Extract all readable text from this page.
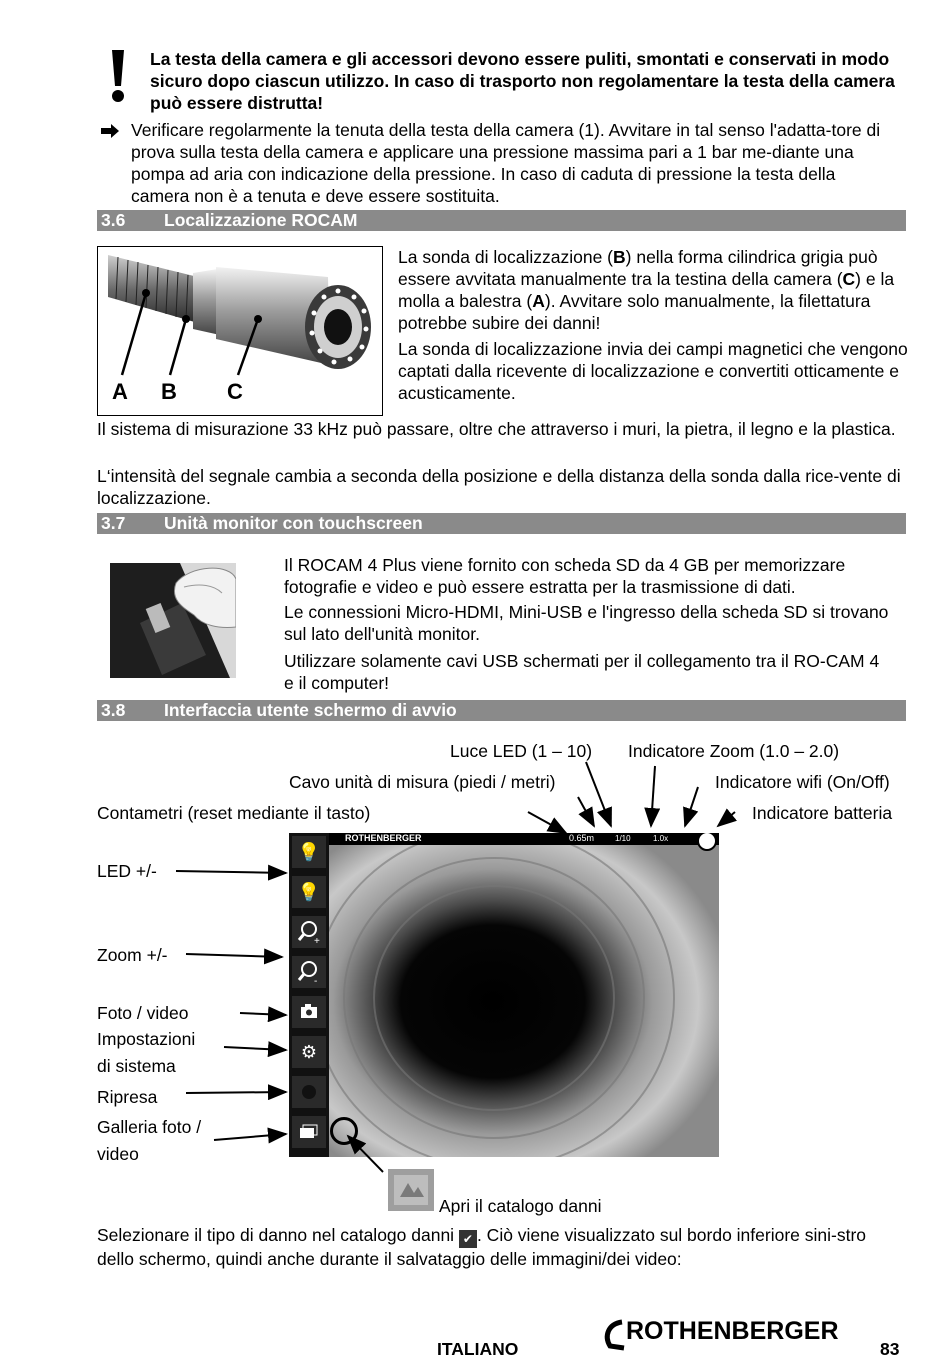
La testa della camera e gli accessori devono essere puliti, smontati e conservati in modo sicuro dopo ciascun utilizzo. In caso di trasporto non regolamentare la testa della camera può essere distrutta!
Verificare regolarmente la tenuta della testa della camera (1). Avvitare in tal senso l'adatta-tore di prova sulla testa della camera e applicare una pressione massima pari a 1 bar me-diante una pompa ad aria con indicazione della pressione. In caso di caduta di pressione la testa della camera non è a tenuta e deve essere sostituita.
3.6 Localizzazione ROCAM
A B C
La sonda di localizzazione (B) nella forma cilindrica grigia può essere avvitata manualmente tra la testina della camera (C) e la molla a balestra (A). Avvitare solo manualmente, la filettatura potrebbe subire dei danni!
La sonda di localizzazione invia dei campi magnetici che vengono captati dalla ricevente di localizzazione e convertiti otticamente e acusticamente.
Il sistema di misurazione 33 kHz può passare, oltre che attraverso i muri, la pietra, il legno e la plastica.
L‘intensità del segnale cambia a seconda della posizione e della distanza della sonda dalla rice-vente di localizzazione.
3.7 Unità monitor con touchscreen
Il ROCAM 4 Plus viene fornito con scheda SD da 4 GB per memorizzare fotografie e video e può essere estratta per la trasmissione di dati.
Le connessioni Micro-HDMI, Mini-USB e l'ingresso della scheda SD si trovano sul lato dell'unità monitor.
Utilizzare solamente cavi USB schermati per il collegamento tra il RO-CAM 4 e il computer!
3.8 Interfaccia utente schermo di avvio
Luce LED (1 – 10) Indicatore Zoom (1.0 – 2.0)
Cavo unità di misura (piedi / metri)	Indicatore wifi (On/Off)
Contametri (reset mediante il tasto)	Indicatore batteria
LED +/-
Zoom +/-
Foto / video
Impostazioni
di sistema
Ripresa
Galleria foto /
video
Apri il catalogo danni
ROTHENBERGER	0.65m	1/10	1.0x
💡
💡
+
-
⚙
Selezionare il tipo di danno nel catalogo danni ✔ . Ciò viene visualizzato sul bordo inferiore sini-stro dello schermo, quindi anche durante il salvataggio delle immagini/dei video:
ITALIANO
ROTHENBERGER
83
